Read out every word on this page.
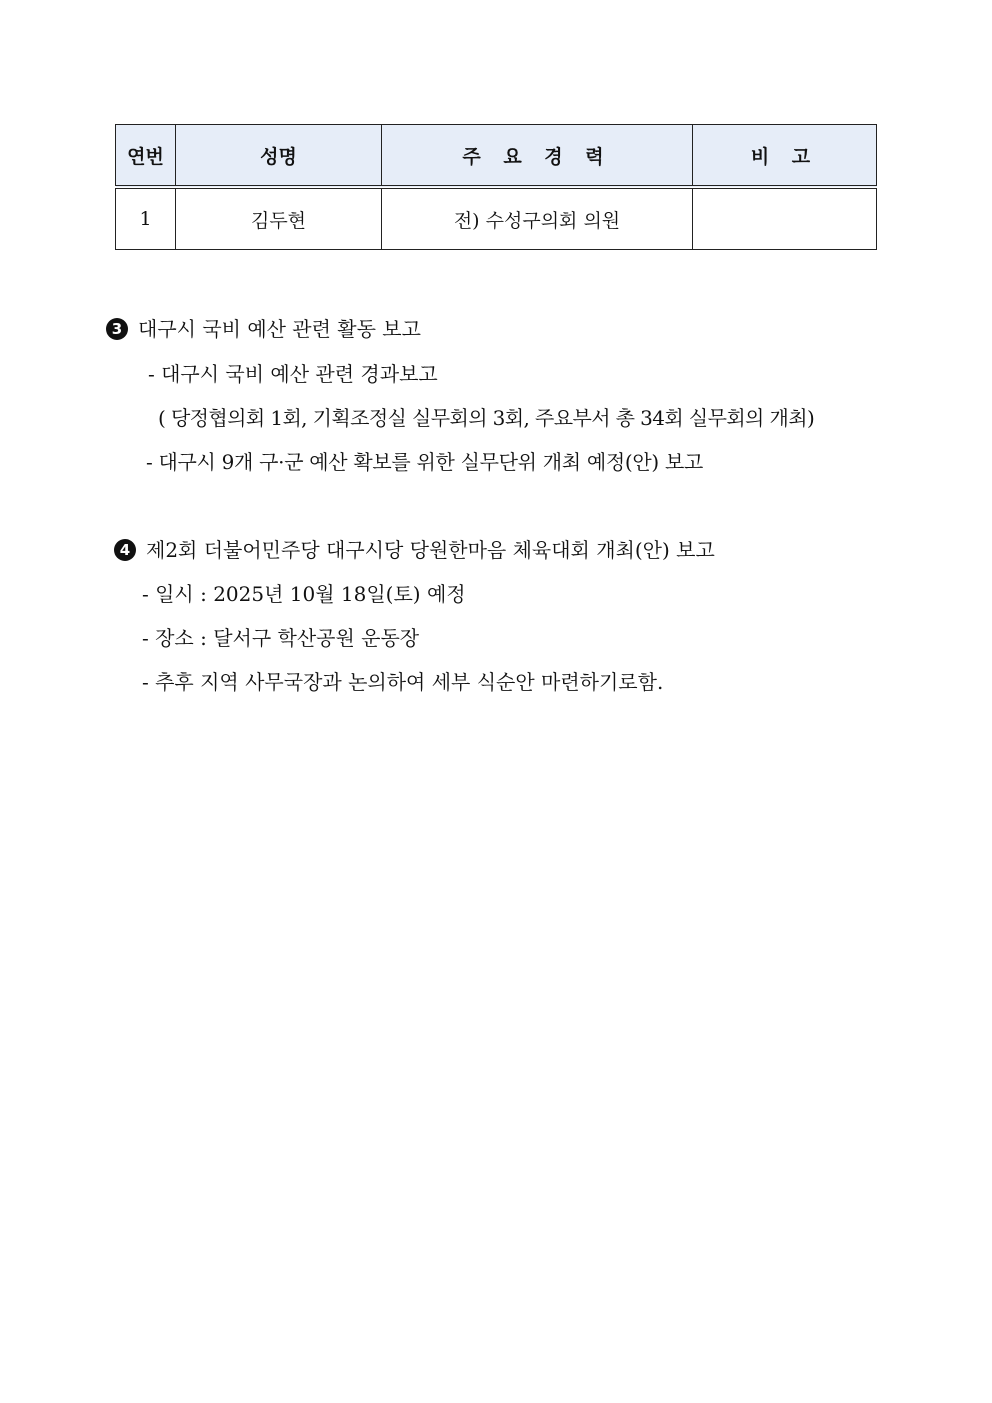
연번	성명	주 요 경 력	비 고
1	김두현	전) 수성구의회 의원	
3 대구시 국비 예산 관련 활동 보고
- 대구시 국비 예산 관련 경과보고
( 당정협의회 1회, 기획조정실 실무회의 3회, 주요부서 총 34회 실무회의 개최)
- 대구시 9개 구·군 예산 확보를 위한 실무단위 개최 예정(안) 보고
4 제2회 더불어민주당 대구시당 당원한마음 체육대회 개최(안) 보고
- 일시 : 2025년 10월 18일(토) 예정
- 장소 : 달서구 학산공원 운동장
- 추후 지역 사무국장과 논의하여 세부 식순안 마련하기로함.
